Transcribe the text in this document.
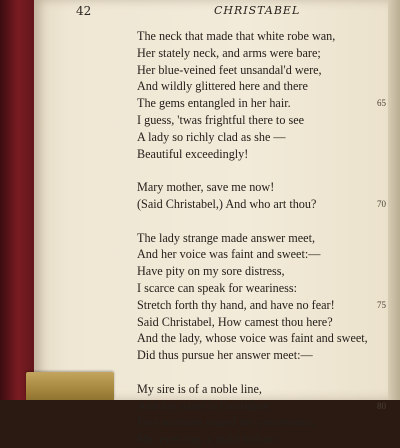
42	CHRISTABEL
The neck that made that white robe wan,
Her stately neck, and arms were bare;
Her blue-veined feet unsandal'd were,
And wildly glittered here and there
The gems entangled in her hair.	65
I guess, 'twas frightful there to see
A lady so richly clad as she —
Beautiful exceedingly!
Mary mother, save me now!
(Said Christabel,) And who art thou?	70
The lady strange made answer meet,
And her voice was faint and sweet:—
Have pity on my sore distress,
I scarce can speak for weariness:
Stretch forth thy hand, and have no fear!	75
Said Christabel, How camest thou here?
And the lady, whose voice was faint and sweet,
Did thus pursue her answer meet:—
My sire is of a noble line,
And my name is Geraldine:	80
Five warriors seized me yestermorn,
Me, even me, a maid forlorn:
